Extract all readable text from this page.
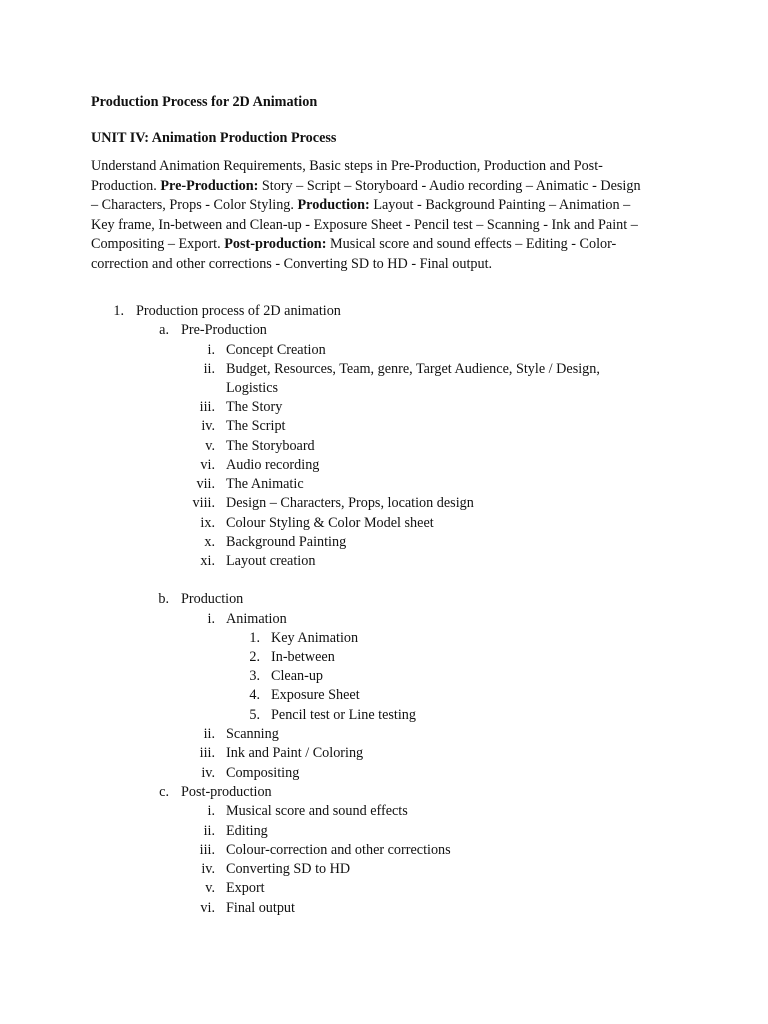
Production Process for 2D Animation
UNIT IV: Animation Production Process
Understand Animation Requirements, Basic steps in Pre-Production, Production and Post-
Production. Pre-Production: Story – Script – Storyboard - Audio recording – Animatic - Design
– Characters, Props - Color Styling. Production: Layout - Background Painting – Animation –
Key frame, In-between and Clean-up - Exposure Sheet - Pencil test – Scanning - Ink and Paint –
Compositing – Export. Post-production: Musical score and sound effects – Editing - Color-
correction and other corrections - Converting SD to HD - Final output.
1. Production process of 2D animation
a. Pre-Production
i. Concept Creation
ii. Budget, Resources, Team, genre, Target Audience, Style / Design,
Logistics
iii. The Story
iv. The Script
v. The Storyboard
vi. Audio recording
vii. The Animatic
viii. Design – Characters, Props, location design
ix. Colour Styling & Color Model sheet
x. Background Painting
xi. Layout creation
b. Production
i. Animation
1. Key Animation
2. In-between
3. Clean-up
4. Exposure Sheet
5. Pencil test or Line testing
ii. Scanning
iii. Ink and Paint / Coloring
iv. Compositing
c. Post-production
i. Musical score and sound effects
ii. Editing
iii. Colour-correction and other corrections
iv. Converting SD to HD
v. Export
vi. Final output
